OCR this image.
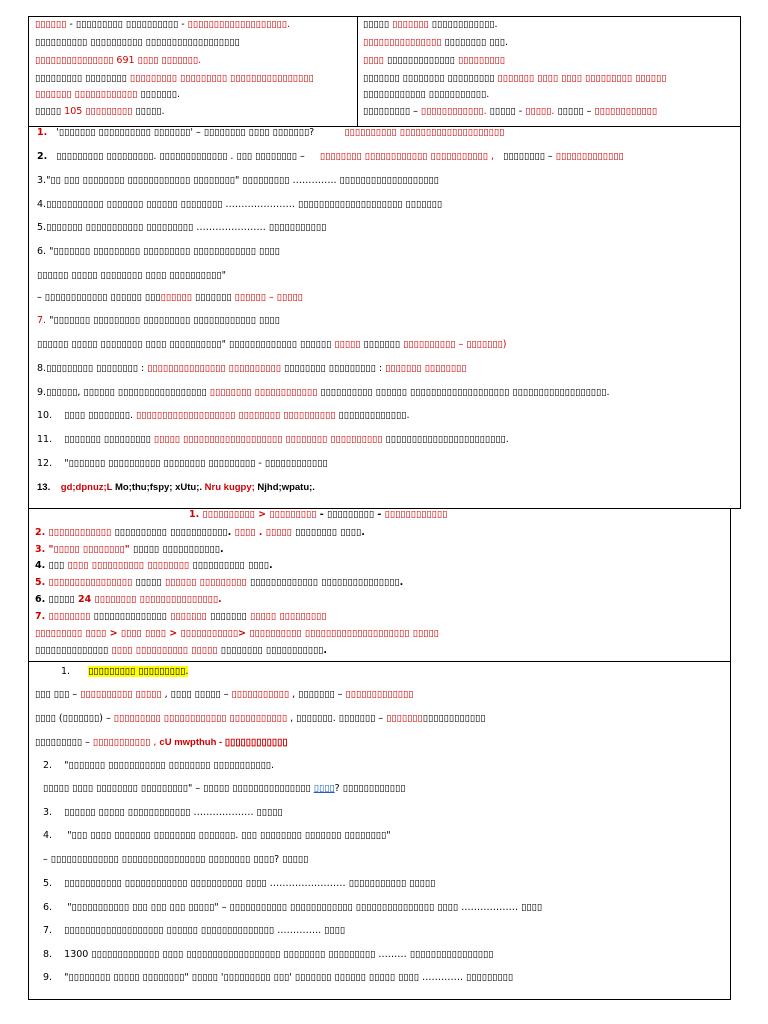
▯▯▯▯▯▯ - ▯▯▯▯▯▯▯▯▯ ▯▯▯▯▯▯▯▯▯▯ - ▯▯▯▯▯▯▯▯▯▯▯▯▯▯▯▯▯▯▯.
▯▯▯▯▯▯▯▯▯▯ ▯▯▯▯▯▯▯▯▯▯ ▯▯▯▯▯▯▯▯▯▯▯▯▯▯▯▯▯▯
▯▯▯▯▯▯▯▯▯▯▯▯▯▯▯ 691 ▯▯▯▯ ▯▯▯▯▯▯▯.
▯▯▯▯▯▯▯▯▯ ▯▯▯▯▯▯▯▯ ▯▯▯▯▯▯▯▯▯ ▯▯▯▯▯▯▯▯▯ ▯▯▯▯▯▯▯▯▯▯▯▯▯▯▯▯
▯▯▯▯▯▯▯ ▯▯▯▯▯▯▯▯▯▯▯▯ ▯▯▯▯▯▯▯.
▯▯▯▯▯ 105 ▯▯▯▯▯▯▯▯▯ ▯▯▯▯▯.
▯▯▯▯▯ ▯▯▯▯▯▯▯ ▯▯▯▯▯▯▯▯▯▯▯▯.
▯▯▯▯▯▯▯▯▯▯▯▯▯▯▯ ▯▯▯▯▯▯▯▯ ▯▯▯.
▯▯▯▯ ▯▯▯▯▯▯▯▯▯▯▯▯▯ ▯▯▯▯▯▯▯▯▯
▯▯▯▯▯▯▯ ▯▯▯▯▯▯▯▯ ▯▯▯▯▯▯▯▯▯ ▯▯▯▯▯▯▯ ▯▯▯▯ ▯▯▯▯ ▯▯▯▯▯▯▯▯▯ ▯▯▯▯▯▯
▯▯▯▯▯▯▯▯▯▯▯▯ ▯▯▯▯▯▯▯▯▯▯▯.
▯▯▯▯▯▯▯▯▯ – ▯▯▯▯▯▯▯▯▯▯▯▯. ▯▯▯▯▯ - ▯▯▯▯▯. ▯▯▯▯▯ – ▯▯▯▯▯▯▯▯▯▯▯▯
1. '▯▯▯▯▯▯▯ ▯▯▯▯▯▯▯▯▯▯ ▯▯▯▯▯▯▯' – ▯▯▯▯▯▯▯▯ ▯▯▯▯ ▯▯▯▯▯▯▯?	▯▯▯▯▯▯▯▯▯▯ ▯▯▯▯▯▯▯▯▯▯▯▯▯▯▯▯▯▯▯▯
2. ▯▯▯▯▯▯▯▯▯ ▯▯▯▯▯▯▯▯▯. ▯▯▯▯▯▯▯▯▯▯▯▯▯ . ▯▯▯ ▯▯▯▯▯▯▯▯ – ▯▯▯▯▯▯▯▯ ▯▯▯▯▯▯▯▯▯▯▯▯ ▯▯▯▯▯▯▯▯▯▯▯ , ▯▯▯▯▯▯▯▯ – ▯▯▯▯▯▯▯▯▯▯▯▯▯
3."▯▯ ▯▯▯ ▯▯▯▯▯▯▯▯ ▯▯▯▯▯▯▯▯▯▯▯▯ ▯▯▯▯▯▯▯▯" ▯▯▯▯▯▯▯▯▯ ………….. ▯▯▯▯▯▯▯▯▯▯▯▯▯▯▯▯▯▯▯
4.▯▯▯▯▯▯▯▯▯▯▯ ▯▯▯▯▯▯▯ ▯▯▯▯▯▯ ▯▯▯▯▯▯▯▯ …………………. ▯▯▯▯▯▯▯▯▯▯▯▯▯▯▯▯▯▯▯▯ ▯▯▯▯▯▯▯
5.▯▯▯▯▯▯▯ ▯▯▯▯▯▯▯▯▯▯▯ ▯▯▯▯▯▯▯▯▯ …………………. ▯▯▯▯▯▯▯▯▯▯▯
6. "▯▯▯▯▯▯▯ ▯▯▯▯▯▯▯▯▯ ▯▯▯▯▯▯▯▯▯ ▯▯▯▯▯▯▯▯▯▯▯▯ ▯▯▯▯
▯▯▯▯▯▯ ▯▯▯▯▯ ▯▯▯▯▯▯▯▯ ▯▯▯▯ ▯▯▯▯▯▯▯▯▯▯"
– ▯▯▯▯▯▯▯▯▯▯▯▯ ▯▯▯▯▯▯ ▯▯▯▯▯▯▯▯▯ ▯▯▯▯▯▯▯ ▯▯▯▯▯▯ – ▯▯▯▯▯
7. "▯▯▯▯▯▯▯ ▯▯▯▯▯▯▯▯▯ ▯▯▯▯▯▯▯▯▯ ▯▯▯▯▯▯▯▯▯▯▯▯ ▯▯▯▯
▯▯▯▯▯▯ ▯▯▯▯▯ ▯▯▯▯▯▯▯▯ ▯▯▯▯ ▯▯▯▯▯▯▯▯▯▯" ▯▯▯▯▯▯▯▯▯▯▯▯▯ ▯▯▯▯▯▯ ▯▯▯▯▯ ▯▯▯▯▯▯▯ ▯▯▯▯▯▯▯▯▯▯ – ▯▯▯▯▯▯▯)
8.▯▯▯▯▯▯▯▯▯ ▯▯▯▯▯▯▯▯ : ▯▯▯▯▯▯▯▯▯▯▯▯▯▯▯ ▯▯▯▯▯▯▯▯▯▯ ▯▯▯▯▯▯▯▯ ▯▯▯▯▯▯▯▯▯ : ▯▯▯▯▯▯▯ ▯▯▯▯▯▯▯▯
9.▯▯▯▯▯▯, ▯▯▯▯▯▯ ▯▯▯▯▯▯▯▯▯▯▯▯▯▯▯▯▯ ▯▯▯▯▯▯▯▯ ▯▯▯▯▯▯▯▯▯▯▯▯ ▯▯▯▯▯▯▯▯▯▯ ▯▯▯▯▯▯ ▯▯▯▯▯▯▯▯▯▯▯▯▯▯▯▯▯▯▯ ▯▯▯▯▯▯▯▯▯▯▯▯▯▯▯▯▯▯.
10. ▯▯▯▯ ▯▯▯▯▯▯▯▯. ▯▯▯▯▯▯▯▯▯▯▯▯▯▯▯▯▯▯▯ ▯▯▯▯▯▯▯▯ ▯▯▯▯▯▯▯▯▯▯ ▯▯▯▯▯▯▯▯▯▯▯▯▯.
11. ▯▯▯▯▯▯▯ ▯▯▯▯▯▯▯▯▯ ▯▯▯▯▯ ▯▯▯▯▯▯▯▯▯▯▯▯▯▯▯▯▯▯▯ ▯▯▯▯▯▯▯▯ ▯▯▯▯▯▯▯▯▯▯ ▯▯▯▯▯▯▯▯▯▯▯▯▯▯▯▯▯▯▯▯▯▯▯.
12. "▯▯▯▯▯▯▯ ▯▯▯▯▯▯▯▯▯▯ ▯▯▯▯▯▯▯▯ ▯▯▯▯▯▯▯▯▯ - ▯▯▯▯▯▯▯▯▯▯▯▯
13. gd;dpnuz;L Mo;thu;fspy; xUtu;. Nru kugpy; Njhd;wpatu;.
1. ▯▯▯▯▯▯▯▯▯▯ > ▯▯▯▯▯▯▯▯▯ - ▯▯▯▯▯▯▯▯▯ - ▯▯▯▯▯▯▯▯▯▯▯▯
2. ▯▯▯▯▯▯▯▯▯▯▯▯ ▯▯▯▯▯▯▯▯▯▯ ▯▯▯▯▯▯▯▯▯▯▯. ▯▯▯▯ . ▯▯▯▯▯ ▯▯▯▯▯▯▯▯ ▯▯▯▯.
3. "▯▯▯▯▯ ▯▯▯▯▯▯▯▯" ▯▯▯▯▯ ▯▯▯▯▯▯▯▯▯▯▯.
4. ▯▯▯ ▯▯▯▯ ▯▯▯▯▯▯▯▯▯▯ ▯▯▯▯▯▯▯▯ ▯▯▯▯▯▯▯▯▯▯ ▯▯▯▯.
5. ▯▯▯▯▯▯▯▯▯▯▯▯▯▯▯▯ ▯▯▯▯▯ ▯▯▯▯▯▯ ▯▯▯▯▯▯▯▯▯ ▯▯▯▯▯▯▯▯▯▯▯▯▯ ▯▯▯▯▯▯▯▯▯▯▯▯▯▯▯.
6. ▯▯▯▯▯ 24 ▯▯▯▯▯▯▯▯ ▯▯▯▯▯▯▯▯▯▯▯▯▯▯▯.
7. ▯▯▯▯▯▯▯▯ ▯▯▯▯▯▯▯▯▯▯▯▯▯▯ ▯▯▯▯▯▯▯ ▯▯▯▯▯▯▯ ▯▯▯▯▯ ▯▯▯▯▯▯▯▯▯
▯▯▯▯▯▯▯▯▯ ▯▯▯▯ > ▯▯▯▯ ▯▯▯▯ > ▯▯▯▯▯▯▯▯▯▯▯> ▯▯▯▯▯▯▯▯▯▯ ▯▯▯▯▯▯▯▯▯▯▯▯▯▯▯▯▯▯▯▯ ▯▯▯▯▯
▯▯▯▯▯▯▯▯▯▯▯▯▯▯ ▯▯▯▯ ▯▯▯▯▯▯▯▯▯▯ ▯▯▯▯▯ ▯▯▯▯▯▯▯▯ ▯▯▯▯▯▯▯▯▯▯▯.
1. ▯▯▯▯▯▯▯▯▯ ▯▯▯▯▯▯▯▯▯.
▯▯▯ ▯▯▯ – ▯▯▯▯▯▯▯▯▯▯ ▯▯▯▯▯ , ▯▯▯▯ ▯▯▯▯▯ – ▯▯▯▯▯▯▯▯▯▯▯ , ▯▯▯▯▯▯▯ – ▯▯▯▯▯▯▯▯▯▯▯▯▯
▯▯▯▯ (▯▯▯▯▯▯▯) – ▯▯▯▯▯▯▯▯▯ ▯▯▯▯▯▯▯▯▯▯▯▯ ▯▯▯▯▯▯▯▯▯▯▯ , ▯▯▯▯▯▯▯. ▯▯▯▯▯▯▯ – ▯▯▯▯▯▯▯▯▯▯▯▯▯▯▯▯▯▯▯
▯▯▯▯▯▯▯▯▯ – ▯▯▯▯▯▯▯▯▯▯▯ , cU mwpthuh - ▯▯▯▯▯▯▯▯▯▯▯▯
2. "▯▯▯▯▯▯▯ ▯▯▯▯▯▯▯▯▯▯▯ ▯▯▯▯▯▯▯▯ ▯▯▯▯▯▯▯▯▯▯▯.
▯▯▯▯▯ ▯▯▯▯ ▯▯▯▯▯▯▯▯ ▯▯▯▯▯▯▯▯▯" – ▯▯▯▯▯ ▯▯▯▯▯▯▯▯▯▯▯▯▯▯▯ ▯▯▯▯? ▯▯▯▯▯▯▯▯▯▯▯▯
3. ▯▯▯▯▯▯ ▯▯▯▯▯ ▯▯▯▯▯▯▯▯▯▯▯▯ ………………. ▯▯▯▯▯
4.     "▯▯▯ ▯▯▯▯ ▯▯▯▯▯▯▯ ▯▯▯▯▯▯▯▯ ▯▯▯▯▯▯▯. ▯▯▯ ▯▯▯▯▯▯▯▯ ▯▯▯▯▯▯▯ ▯▯▯▯▯▯▯▯"
– ▯▯▯▯▯▯▯▯▯▯▯▯▯ ▯▯▯▯▯▯▯▯▯▯▯▯▯▯▯▯ ▯▯▯▯▯▯▯▯ ▯▯▯▯? ▯▯▯▯▯
5. ▯▯▯▯▯▯▯▯▯▯▯ ▯▯▯▯▯▯▯▯▯▯▯▯ ▯▯▯▯▯▯▯▯▯▯ ▯▯▯▯ …………………… ▯▯▯▯▯▯▯▯▯▯▯ ▯▯▯▯▯
6.     "▯▯▯▯▯▯▯▯▯▯▯ ▯▯▯ ▯▯▯ ▯▯▯ ▯▯▯▯▯" – ▯▯▯▯▯▯▯▯▯▯▯ ▯▯▯▯▯▯▯▯▯▯▯▯ ▯▯▯▯▯▯▯▯▯▯▯▯▯▯▯ ▯▯▯▯ ……………… ▯▯▯▯
7. ▯▯▯▯▯▯▯▯▯▯▯▯▯▯▯▯▯▯▯ ▯▯▯▯▯▯ ▯▯▯▯▯▯▯▯▯▯▯▯▯▯ ………….. ▯▯▯▯
8. 1300 ▯▯▯▯▯▯▯▯▯▯▯▯▯ ▯▯▯▯ ▯▯▯▯▯▯▯▯▯▯▯▯▯▯▯▯▯▯ ▯▯▯▯▯▯▯▯ ▯▯▯▯▯▯▯▯▯ ……… ▯▯▯▯▯▯▯▯▯▯▯▯▯▯▯▯
9. "▯▯▯▯▯▯▯▯ ▯▯▯▯▯ ▯▯▯▯▯▯▯▯" ▯▯▯▯▯ '▯▯▯▯▯▯▯▯▯ ▯▯▯' ▯▯▯▯▯▯▯ ▯▯▯▯▯▯ ▯▯▯▯▯ ▯▯▯▯ …………. ▯▯▯▯▯▯▯▯▯
